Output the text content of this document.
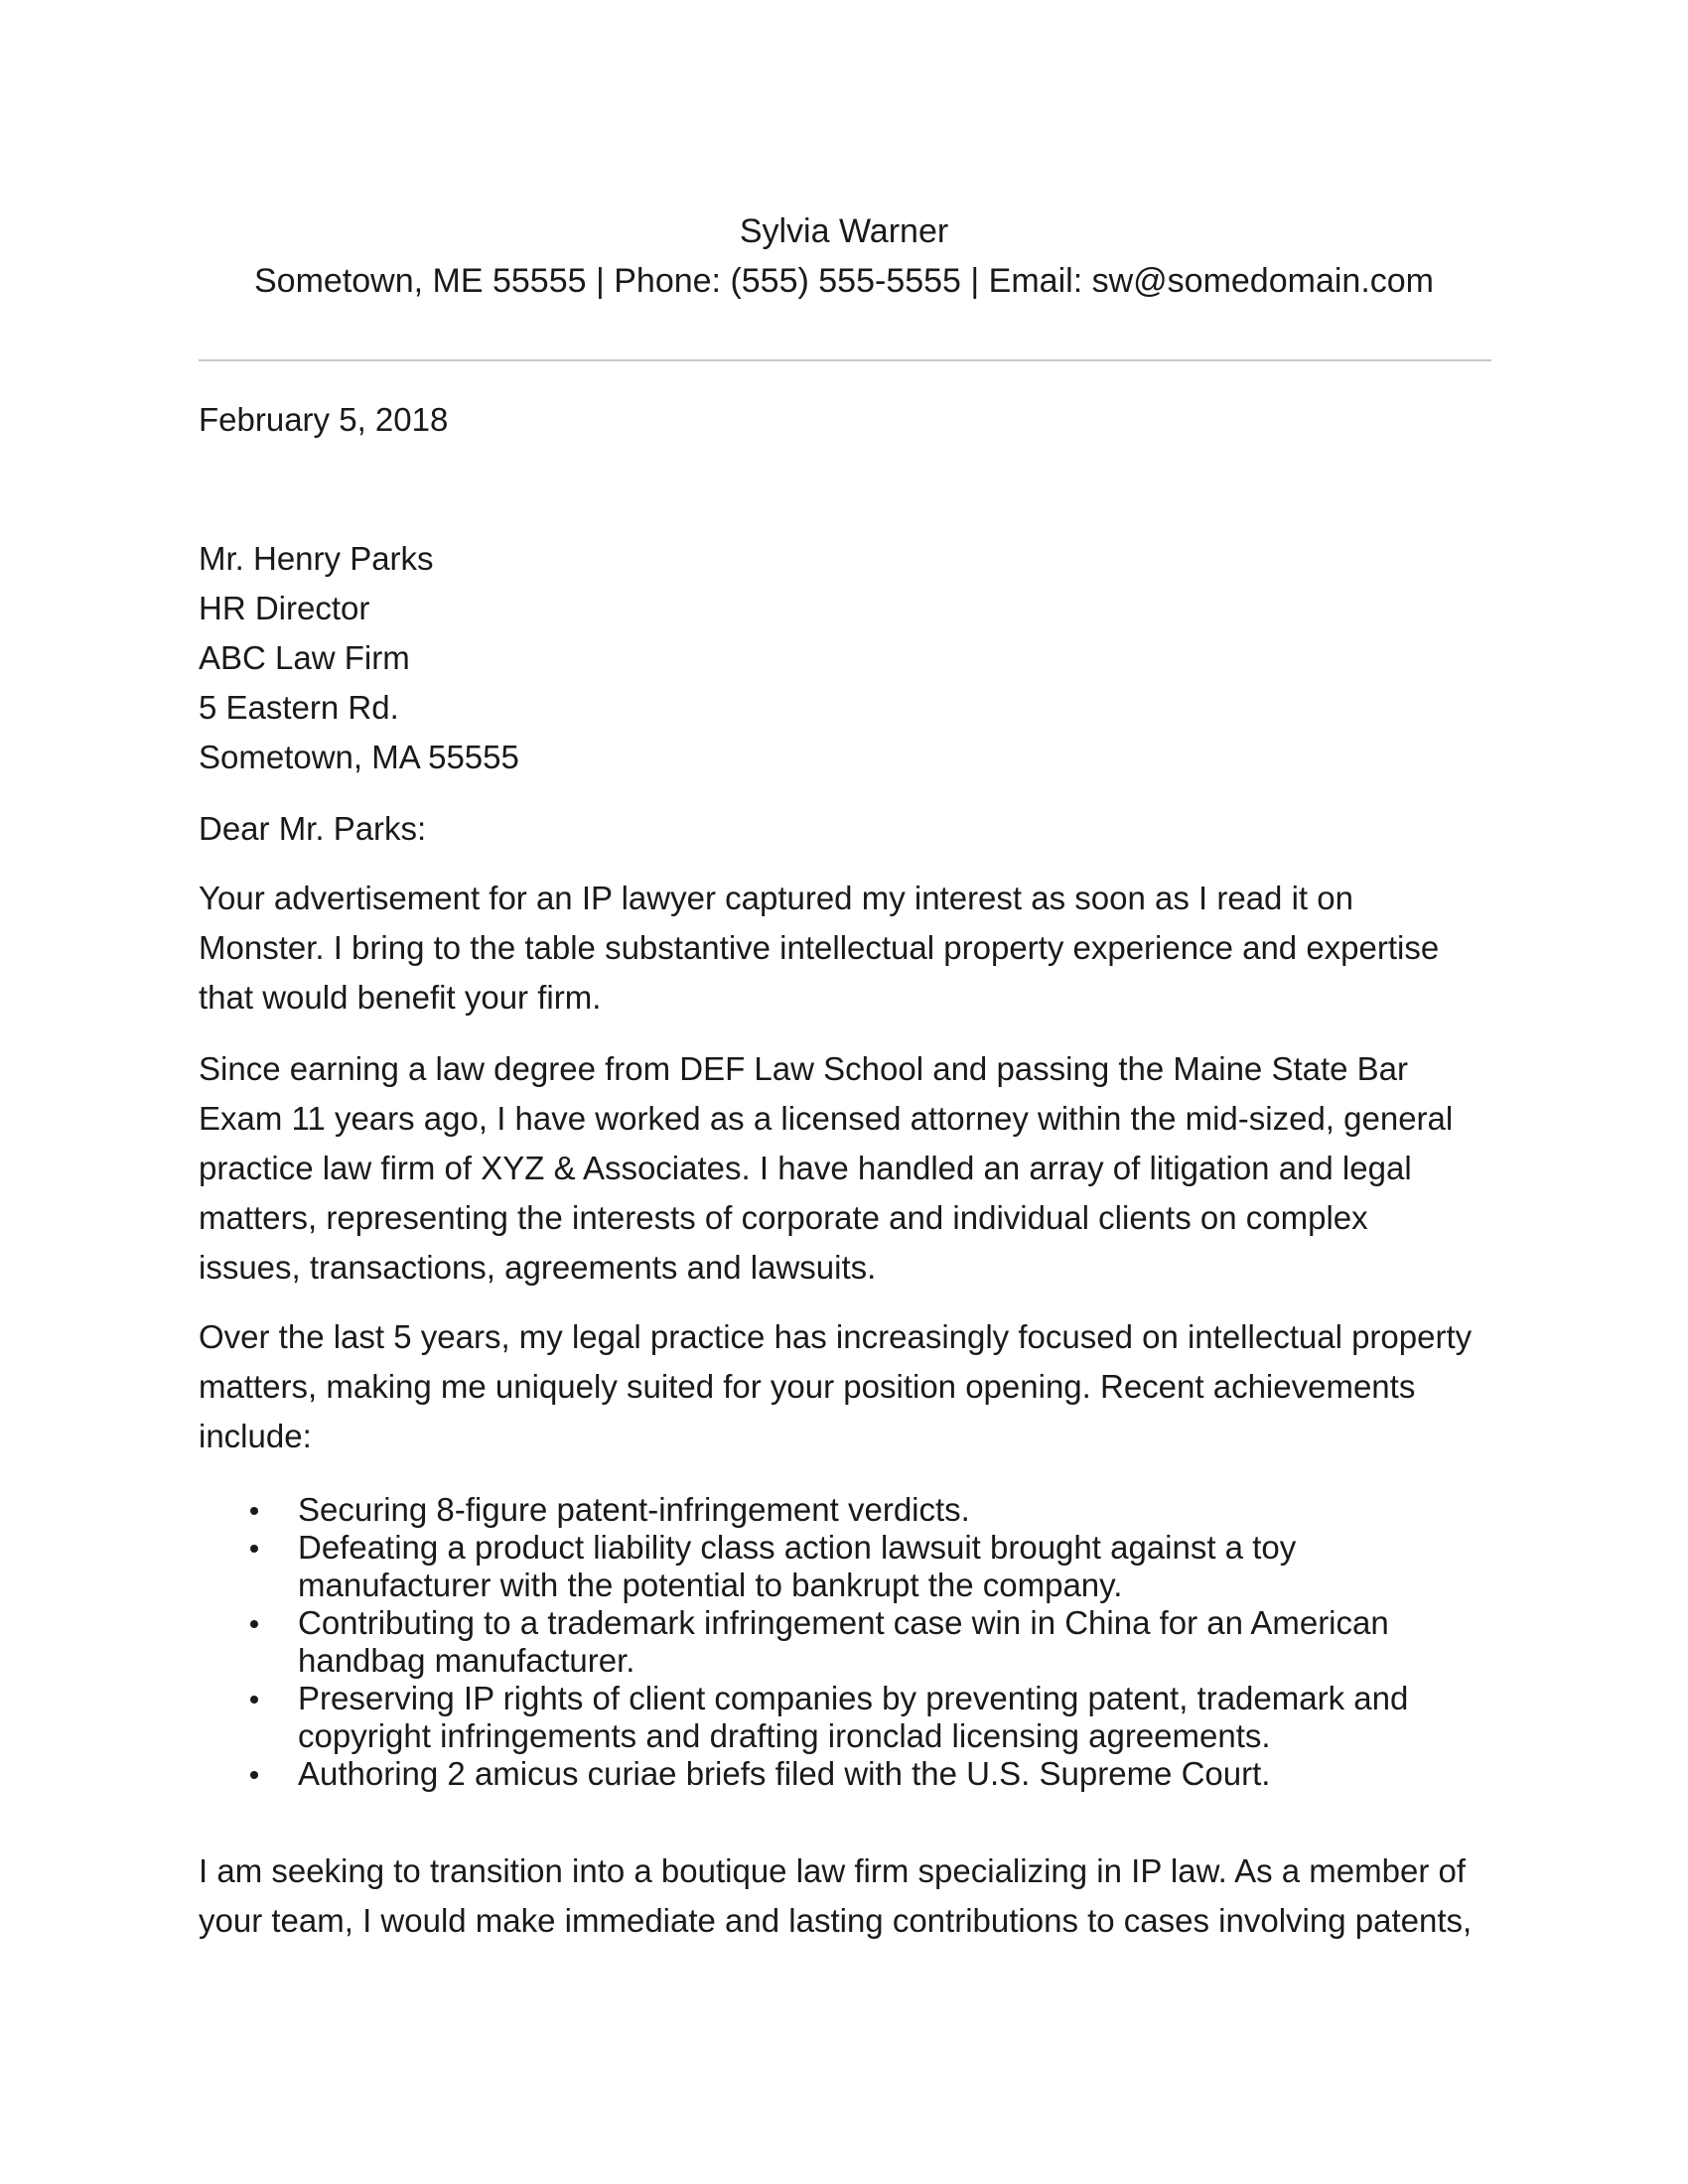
Sylvia Warner
Sometown, ME 55555 | Phone: (555) 555-5555 | Email: sw@somedomain.com
February 5, 2018
Mr. Henry Parks
HR Director
ABC Law Firm
5 Eastern Rd.
Sometown, MA 55555
Dear Mr. Parks:
Your advertisement for an IP lawyer captured my interest as soon as I read it on
Monster. I bring to the table substantive intellectual property experience and expertise
that would benefit your firm.
Since earning a law degree from DEF Law School and passing the Maine State Bar
Exam 11 years ago, I have worked as a licensed attorney within the mid-sized, general
practice law firm of XYZ & Associates. I have handled an array of litigation and legal
matters, representing the interests of corporate and individual clients on complex
issues, transactions, agreements and lawsuits.
Over the last 5 years, my legal practice has increasingly focused on intellectual property
matters, making me uniquely suited for your position opening. Recent achievements
include:
Securing 8-figure patent-infringement verdicts.
Defeating a product liability class action lawsuit brought against a toy
manufacturer with the potential to bankrupt the company.
Contributing to a trademark infringement case win in China for an American
handbag manufacturer.
Preserving IP rights of client companies by preventing patent, trademark and
copyright infringements and drafting ironclad licensing agreements.
Authoring 2 amicus curiae briefs filed with the U.S. Supreme Court.
I am seeking to transition into a boutique law firm specializing in IP law. As a member of
your team, I would make immediate and lasting contributions to cases involving patents,
